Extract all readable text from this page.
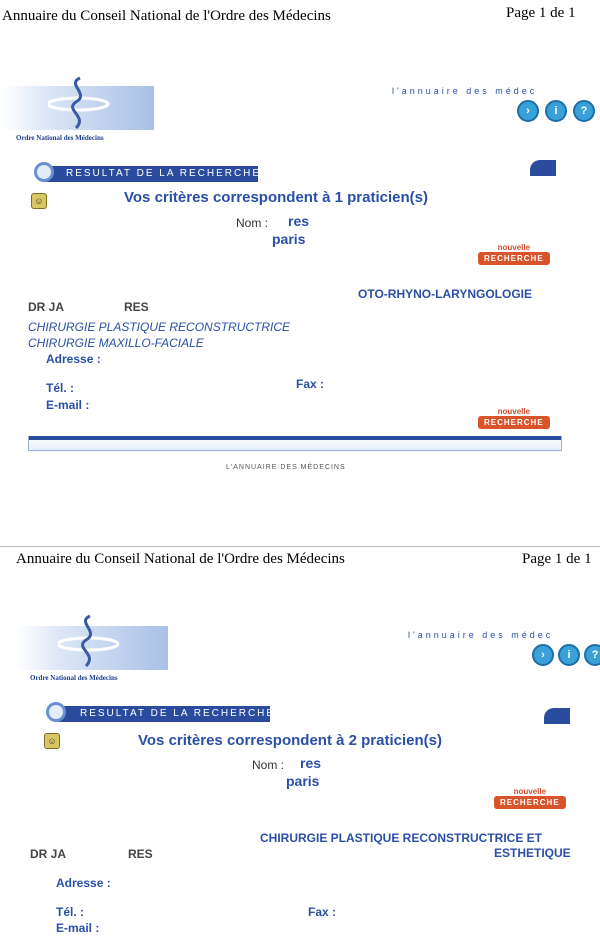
Annuaire du Conseil National de l'Ordre des Médecins	Page 1 de 1
Ordre National des Médecins
l'annuaire des médec
›	i	?
RESULTAT DE LA RECHERCHE
☺	Vos critères correspondent à 1 praticien(s)
Nom : res
paris
nouvelle
RECHERCHE
DR JA	RES
OTO-RHYNO-LARYNGOLOGIE
CHIRURGIE PLASTIQUE RECONSTRUCTRICE
CHIRURGIE MAXILLO-FACIALE
Adresse :
Tél. :	Fax :
E-mail :	nouvelle
RECHERCHE
L'ANNUAIRE DES MÉDECINS
Annuaire du Conseil National de l'Ordre des Médecins	Page 1 de 1
Ordre National des Médecins
l'annuaire des médec
›	i	?
RESULTAT DE LA RECHERCHE
☺	Vos critères correspondent à 2 praticien(s)
Nom : res
paris
nouvelle
RECHERCHE
CHIRURGIE PLASTIQUE RECONSTRUCTRICE ET
ESTHETIQUE
DR JA	RES
Adresse :
Tél. :	Fax :
E-mail :
